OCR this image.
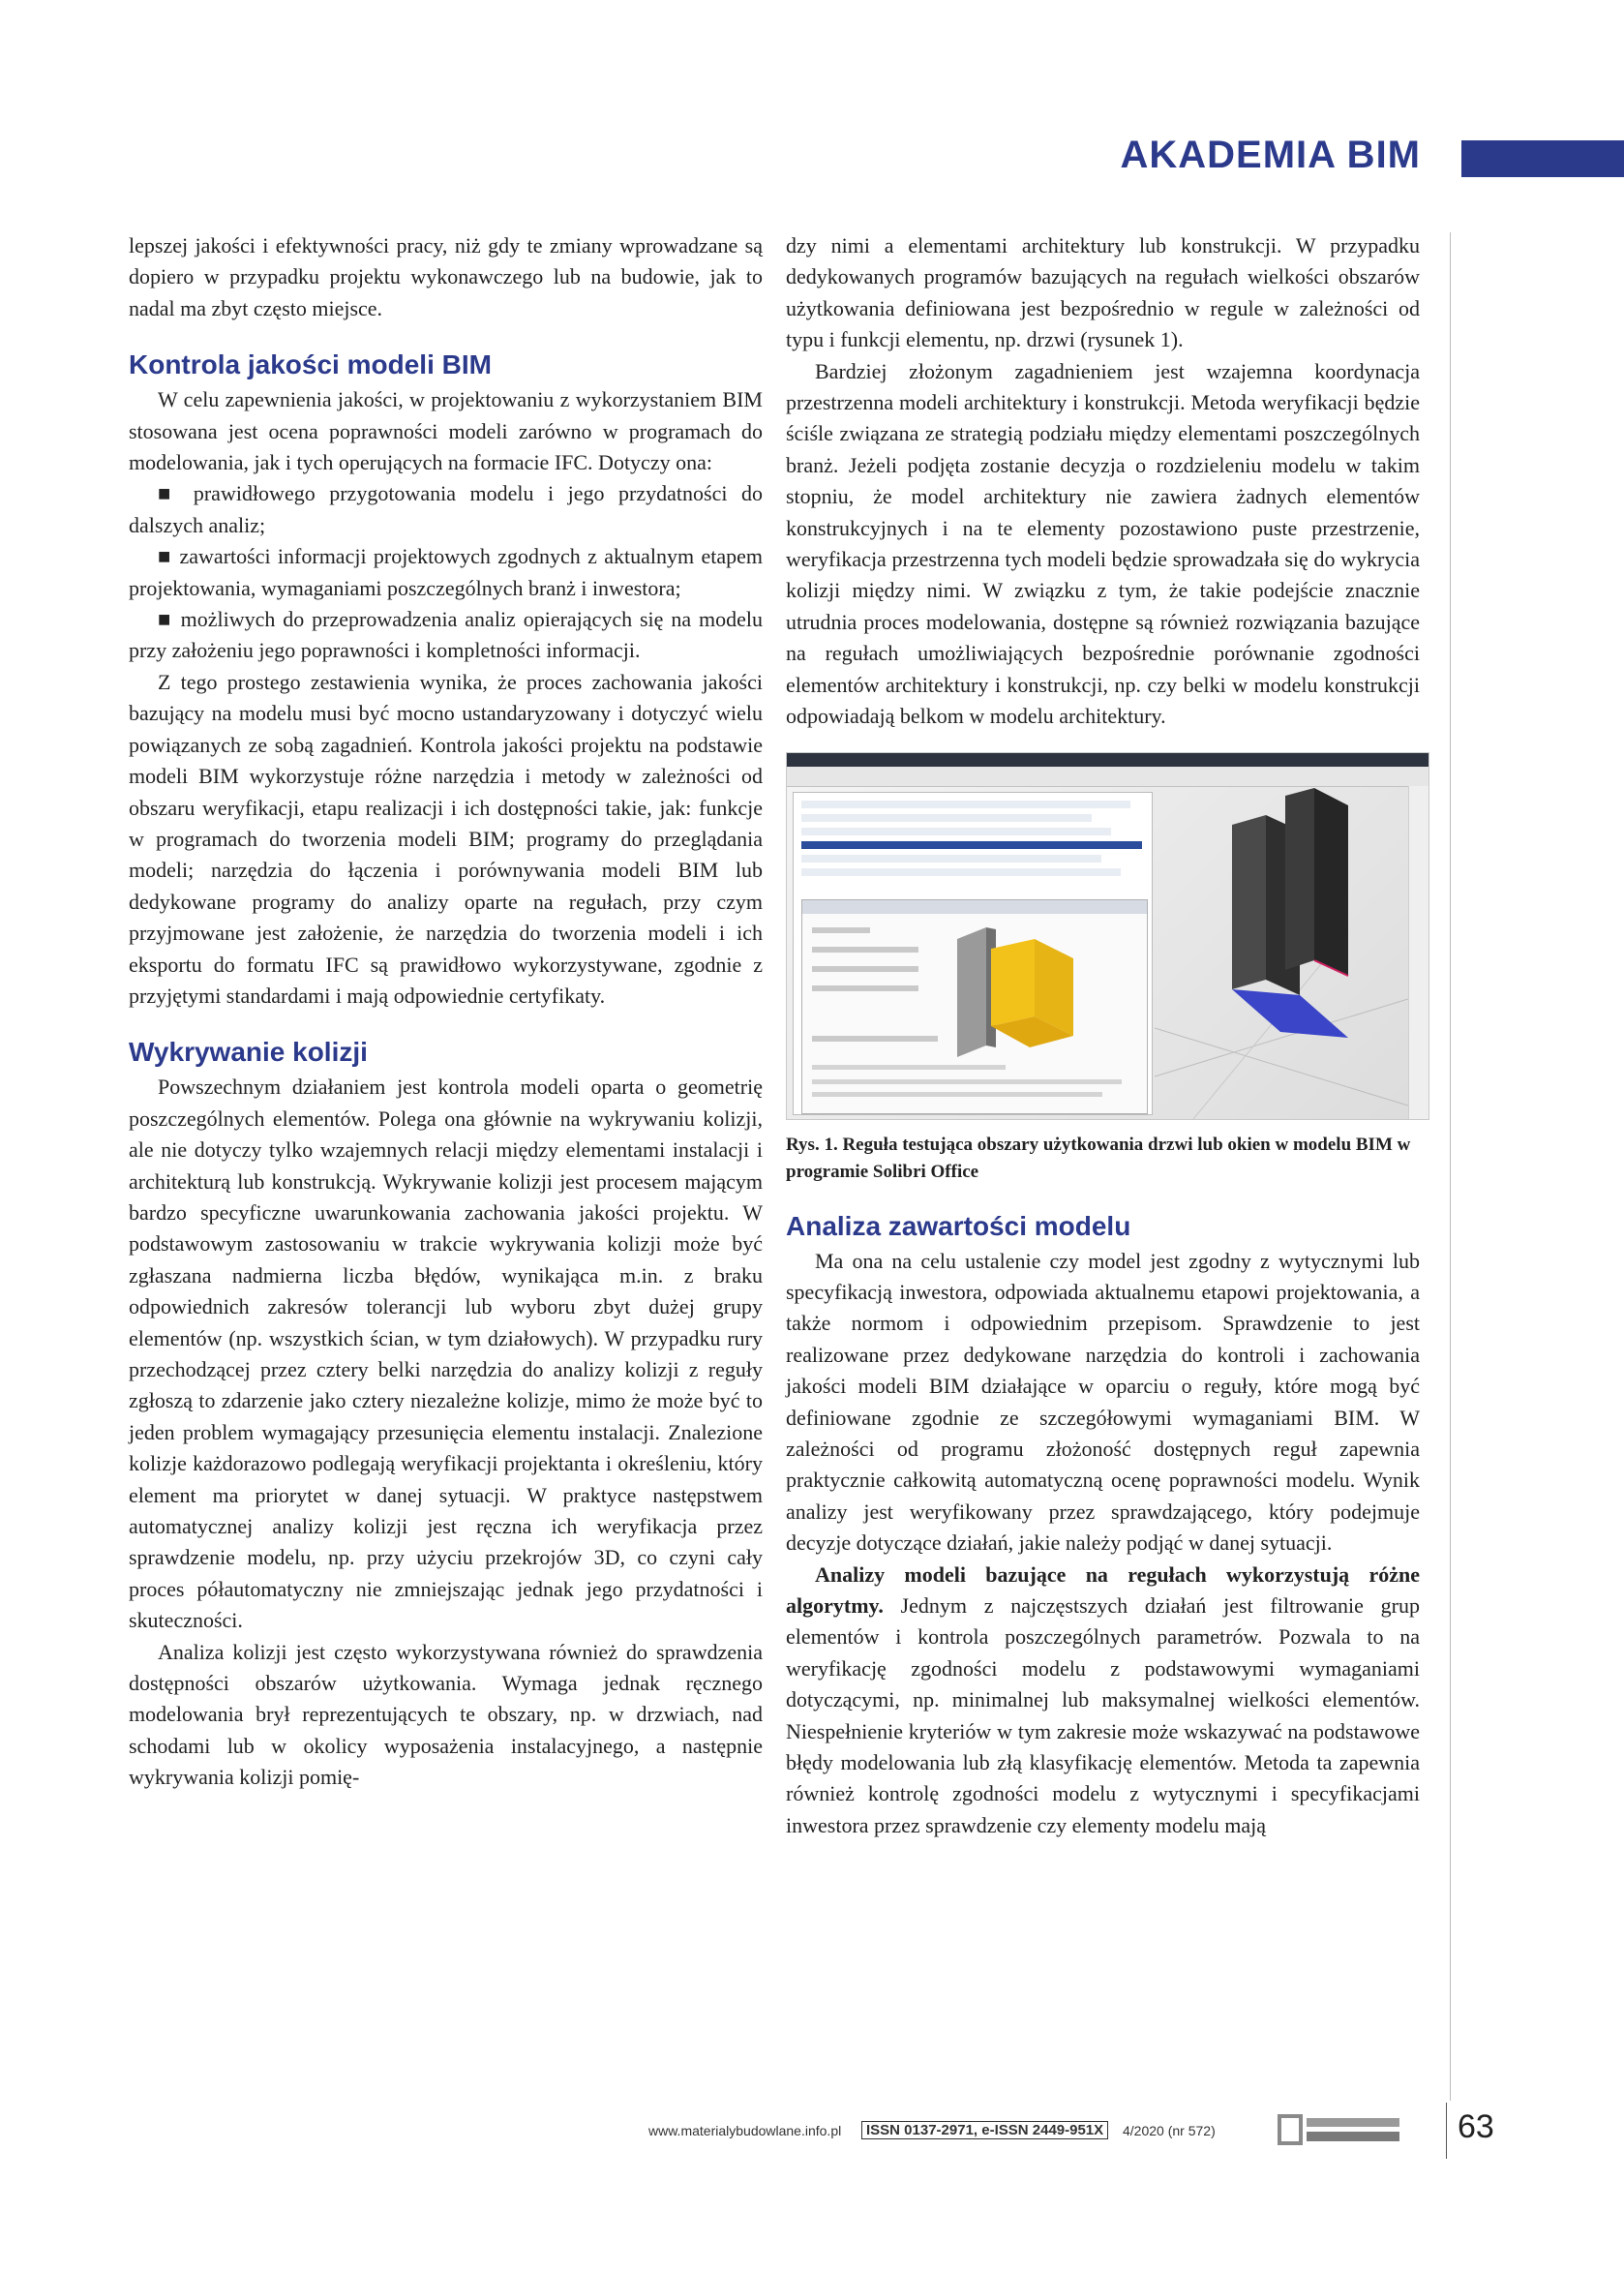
AKADEMIA BIM

lepszej jakości i efektywności pracy, niż gdy te zmiany wprowadzane są dopiero w przypadku projektu wykonawczego lub na budowie, jak to nadal ma zbyt często miejsce.

Kontrola jakości modeli BIM

W celu zapewnienia jakości, w projektowaniu z wykorzystaniem BIM stosowana jest ocena poprawności modeli zarówno w programach do modelowania, jak i tych operujących na formacie IFC. Dotyczy ona:

■ prawidłowego przygotowania modelu i jego przydatności do dalszych analiz;

■ zawartości informacji projektowych zgodnych z aktualnym etapem projektowania, wymaganiami poszczególnych branż i inwestora;

■ możliwych do przeprowadzenia analiz opierających się na modelu przy założeniu jego poprawności i kompletności informacji.

Z tego prostego zestawienia wynika, że proces zachowania jakości bazujący na modelu musi być mocno ustandaryzowany i dotyczyć wielu powiązanych ze sobą zagadnień. Kontrola jakości projektu na podstawie modeli BIM wykorzystuje różne narzędzia i metody w zależności od obszaru weryfikacji, etapu realizacji i ich dostępności takie, jak: funkcje w programach do tworzenia modeli BIM; programy do przeglądania modeli; narzędzia do łączenia i porównywania modeli BIM lub dedykowane programy do analizy oparte na regułach, przy czym przyjmowane jest założenie, że narzędzia do tworzenia modeli i ich eksportu do formatu IFC są prawidłowo wykorzystywane, zgodnie z przyjętymi standardami i mają odpowiednie certyfikaty.

Wykrywanie kolizji

Powszechnym działaniem jest kontrola modeli oparta o geometrię poszczególnych elementów. Polega ona głównie na wykrywaniu kolizji, ale nie dotyczy tylko wzajemnych relacji między elementami instalacji i architekturą lub konstrukcją. Wykrywanie kolizji jest procesem mającym bardzo specyficzne uwarunkowania zachowania jakości projektu. W podstawowym zastosowaniu w trakcie wykrywania kolizji może być zgłaszana nadmierna liczba błędów, wynikająca m.in. z braku odpowiednich zakresów tolerancji lub wyboru zbyt dużej grupy elementów (np. wszystkich ścian, w tym działowych). W przypadku rury przechodzącej przez cztery belki narzędzia do analizy kolizji z reguły zgłoszą to zdarzenie jako cztery niezależne kolizje, mimo że może być to jeden problem wymagający przesunięcia elementu instalacji. Znalezione kolizje każdorazowo podlegają weryfikacji projektanta i określeniu, który element ma priorytet w danej sytuacji. W praktyce następstwem automatycznej analizy kolizji jest ręczna ich weryfikacja przez sprawdzenie modelu, np. przy użyciu przekrojów 3D, co czyni cały proces półautomatyczny nie zmniejszając jednak jego przydatności i skuteczności.

Analiza kolizji jest często wykorzystywana również do sprawdzenia dostępności obszarów użytkowania. Wymaga jednak ręcznego modelowania brył reprezentujących te obszary, np. w drzwiach, nad schodami lub w okolicy wyposażenia instalacyjnego, a następnie wykrywania kolizji pomię-

dzy nimi a elementami architektury lub konstrukcji. W przypadku dedykowanych programów bazujących na regułach wielkości obszarów użytkowania definiowana jest bezpośrednio w regule w zależności od typu i funkcji elementu, np. drzwi (rysunek 1).

Bardziej złożonym zagadnieniem jest wzajemna koordynacja przestrzenna modeli architektury i konstrukcji. Metoda weryfikacji będzie ściśle związana ze strategią podziału między elementami poszczególnych branż. Jeżeli podjęta zostanie decyzja o rozdzieleniu modelu w takim stopniu, że model architektury nie zawiera żadnych elementów konstrukcyjnych i na te elementy pozostawiono puste przestrzenie, weryfikacja przestrzenna tych modeli będzie sprowadzała się do wykrycia kolizji między nimi. W związku z tym, że takie podejście znacznie utrudnia proces modelowania, dostępne są również rozwiązania bazujące na regułach umożliwiających bezpośrednie porównanie zgodności elementów architektury i konstrukcji, np. czy belki w modelu konstrukcji odpowiadają belkom w modelu architektury.

Rys. 1. Reguła testująca obszary użytkowania drzwi lub okien w modelu BIM w programie Solibri Office

Analiza zawartości modelu

Ma ona na celu ustalenie czy model jest zgodny z wytycznymi lub specyfikacją inwestora, odpowiada aktualnemu etapowi projektowania, a także normom i odpowiednim przepisom. Sprawdzenie to jest realizowane przez dedykowane narzędzia do kontroli i zachowania jakości modeli BIM działające w oparciu o reguły, które mogą być definiowane zgodnie ze szczegółowymi wymaganiami BIM. W zależności od programu złożoność dostępnych reguł zapewnia praktycznie całkowitą automatyczną ocenę poprawności modelu. Wynik analizy jest weryfikowany przez sprawdzającego, który podejmuje decyzje dotyczące działań, jakie należy podjąć w danej sytuacji.

Analizy modeli bazujące na regułach wykorzystują różne algorytmy. Jednym z najczęstszych działań jest filtrowanie grup elementów i kontrola poszczególnych parametrów. Pozwala to na weryfikację zgodności modelu z podstawowymi wymaganiami dotyczącymi, np. minimalnej lub maksymalnej wielkości elementów. Niespełnienie kryteriów w tym zakresie może wskazywać na podstawowe błędy modelowania lub złą klasyfikację elementów. Metoda ta zapewnia również kontrolę zgodności modelu z wytycznymi i specyfikacjami inwestora przez sprawdzenie czy elementy modelu mają

www.materialybudowlane.info.pl	ISSN 0137-2971, e-ISSN 2449-951X	4/2020 (nr 572)	63
